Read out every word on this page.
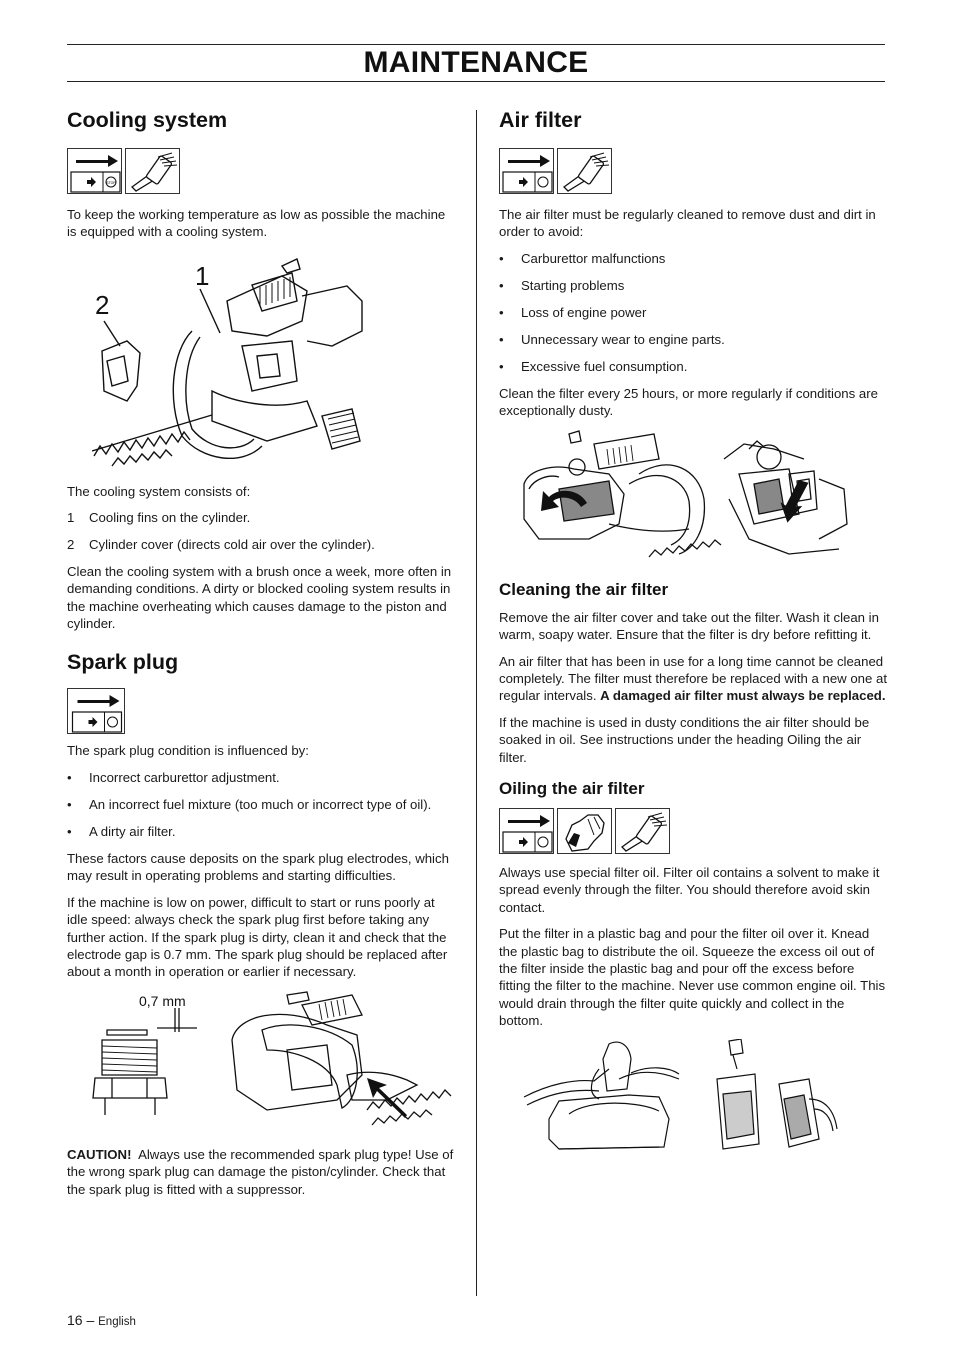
MAINTENANCE
Cooling system
STOP

To keep the working temperature as low as possible the machine is equipped with a cooling system.

1
2

The cooling system consists of:

1 Cooling fins on the cylinder.
2 Cylinder cover (directs cold air over the cylinder).

Clean the cooling system with a brush once a week, more often in demanding conditions. A dirty or blocked cooling system results in the machine overheating which causes damage to the piston and cylinder.

Spark plug

The spark plug condition is influenced by:

• Incorrect carburettor adjustment.
• An incorrect fuel mixture (too much or incorrect type of oil).
• A dirty air filter.

These factors cause deposits on the spark plug electrodes, which may result in operating problems and starting difficulties.

If the machine is low on power, difficult to start or runs poorly at idle speed: always check the spark plug first before taking any further action. If the spark plug is dirty, clean it and check that the electrode gap is 0.7 mm. The spark plug should be replaced after about a month in operation or earlier if necessary.

0,7 mm

CAUTION! Always use the recommended spark plug type! Use of the wrong spark plug can damage the piston/cylinder. Check that the spark plug is fitted with a suppressor.

Air filter

The air filter must be regularly cleaned to remove dust and dirt in order to avoid:

• Carburettor malfunctions
• Starting problems
• Loss of engine power
• Unnecessary wear to engine parts.
• Excessive fuel consumption.

Clean the filter every 25 hours, or more regularly if conditions are exceptionally dusty.

Cleaning the air filter

Remove the air filter cover and take out the filter. Wash it clean in warm, soapy water. Ensure that the filter is dry before refitting it.

An air filter that has been in use for a long time cannot be cleaned completely. The filter must therefore be replaced with a new one at regular intervals. A damaged air filter must always be replaced.

If the machine is used in dusty conditions the air filter should be soaked in oil. See instructions under the heading Oiling the air filter.

Oiling the air filter

Always use special filter oil. Filter oil contains a solvent to make it spread evenly through the filter. You should therefore avoid skin contact.

Put the filter in a plastic bag and pour the filter oil over it. Knead the plastic bag to distribute the oil. Squeeze the excess oil out of the filter inside the plastic bag and pour off the excess before fitting the filter to the machine. Never use common engine oil. This would drain through the filter quite quickly and collect in the bottom.

16 – English
